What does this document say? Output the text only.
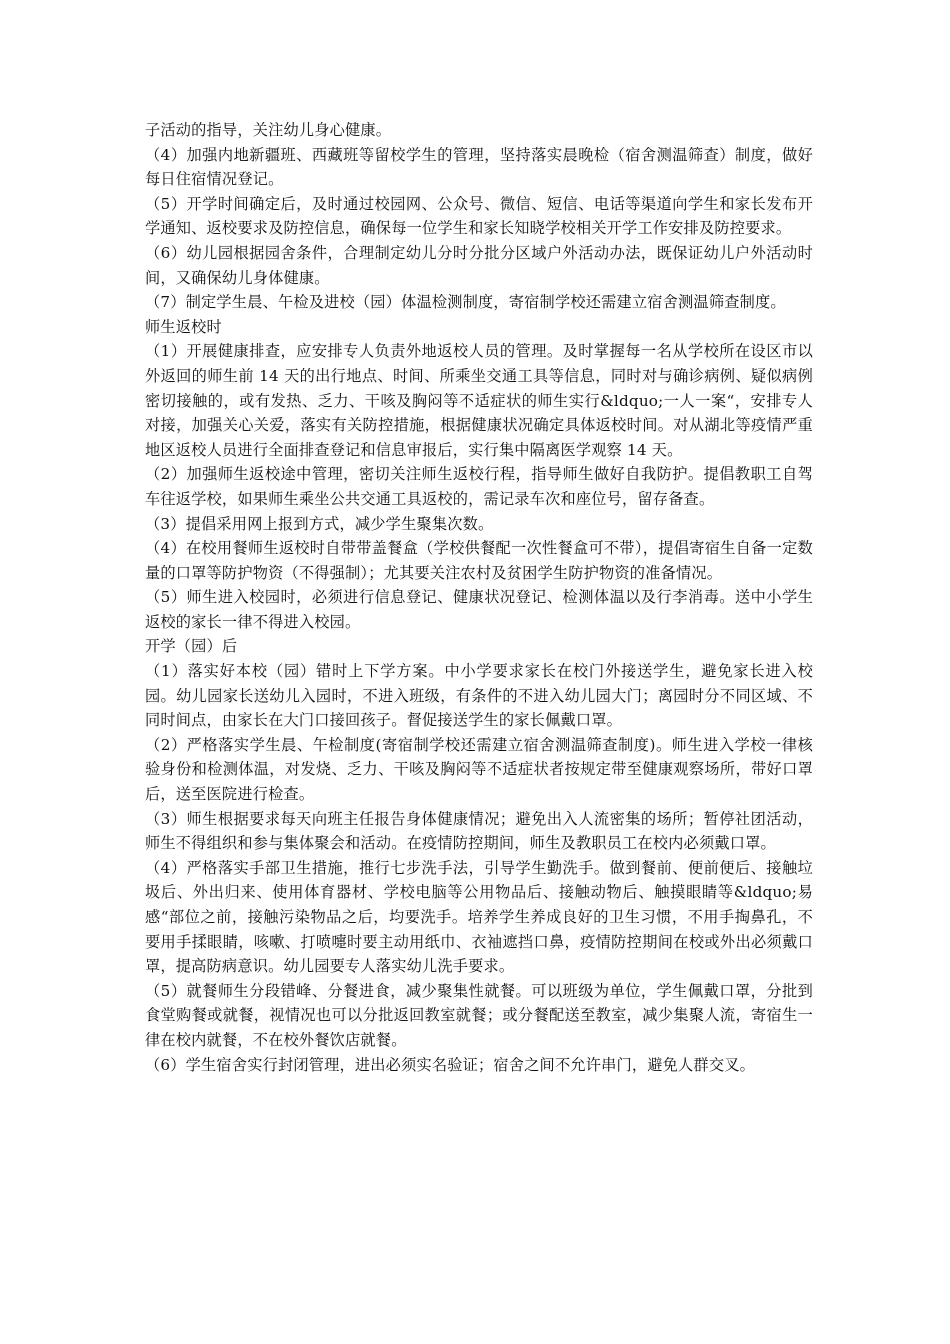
子活动的指导，关注幼儿身心健康。

（4）加强内地新疆班、西藏班等留校学生的管理，坚持落实晨晚检（宿舍测温筛查）制度，做好每日住宿情况登记。

（5）开学时间确定后，及时通过校园网、公众号、微信、短信、电话等渠道向学生和家长发布开学通知、返校要求及防控信息，确保每一位学生和家长知晓学校相关开学工作安排及防控要求。

（6）幼儿园根据园舍条件，合理制定幼儿分时分批分区域户外活动办法，既保证幼儿户外活动时间，又确保幼儿身体健康。

（7）制定学生晨、午检及进校（园）体温检测制度，寄宿制学校还需建立宿舍测温筛查制度。

师生返校时

（1）开展健康排查，应安排专人负责外地返校人员的管理。及时掌握每一名从学校所在设区市以外返回的师生前 14 天的出行地点、时间、所乘坐交通工具等信息，同时对与确诊病例、疑似病例密切接触的，或有发热、乏力、干咳及胸闷等不适症状的师生实行&ldquo;一人一案“，安排专人对接，加强关心关爱，落实有关防控措施，根据健康状况确定具体返校时间。对从湖北等疫情严重地区返校人员进行全面排查登记和信息审报后，实行集中隔离医学观察 14 天。

（2）加强师生返校途中管理，密切关注师生返校行程，指导师生做好自我防护。提倡教职工自驾车往返学校，如果师生乘坐公共交通工具返校的，需记录车次和座位号，留存备查。

（3）提倡采用网上报到方式，减少学生聚集次数。

（4）在校用餐师生返校时自带带盖餐盒（学校供餐配一次性餐盒可不带），提倡寄宿生自备一定数量的口罩等防护物资（不得强制）；尤其要关注农村及贫困学生防护物资的准备情况。

（5）师生进入校园时，必须进行信息登记、健康状况登记、检测体温以及行李消毒。送中小学生返校的家长一律不得进入校园。

开学（园）后

（1）落实好本校（园）错时上下学方案。中小学要求家长在校门外接送学生，避免家长进入校园。幼儿园家长送幼儿入园时，不进入班级，有条件的不进入幼儿园大门；离园时分不同区域、不同时间点，由家长在大门口接回孩子。督促接送学生的家长佩戴口罩。

（2）严格落实学生晨、午检制度(寄宿制学校还需建立宿舍测温筛查制度)。师生进入学校一律核验身份和检测体温，对发烧、乏力、干咳及胸闷等不适症状者按规定带至健康观察场所，带好口罩后，送至医院进行检查。

（3）师生根据要求每天向班主任报告身体健康情况；避免出入人流密集的场所；暂停社团活动，师生不得组织和参与集体聚会和活动。在疫情防控期间，师生及教职员工在校内必须戴口罩。

（4）严格落实手部卫生措施，推行七步洗手法，引导学生勤洗手。做到餐前、便前便后、接触垃圾后、外出归来、使用体育器材、学校电脑等公用物品后、接触动物后、触摸眼睛等&ldquo;易感“部位之前，接触污染物品之后，均要洗手。培养学生养成良好的卫生习惯，不用手掏鼻孔，不要用手揉眼睛，咳嗽、打喷嚏时要主动用纸巾、衣袖遮挡口鼻，疫情防控期间在校或外出必须戴口罩，提高防病意识。幼儿园要专人落实幼儿洗手要求。

（5）就餐师生分段错峰、分餐进食，减少聚集性就餐。可以班级为单位，学生佩戴口罩，分批到食堂购餐或就餐，视情况也可以分批返回教室就餐；或分餐配送至教室，减少集聚人流，寄宿生一律在校内就餐，不在校外餐饮店就餐。

（6）学生宿舍实行封闭管理，进出必须实名验证；宿舍之间不允许串门，避免人群交叉。
